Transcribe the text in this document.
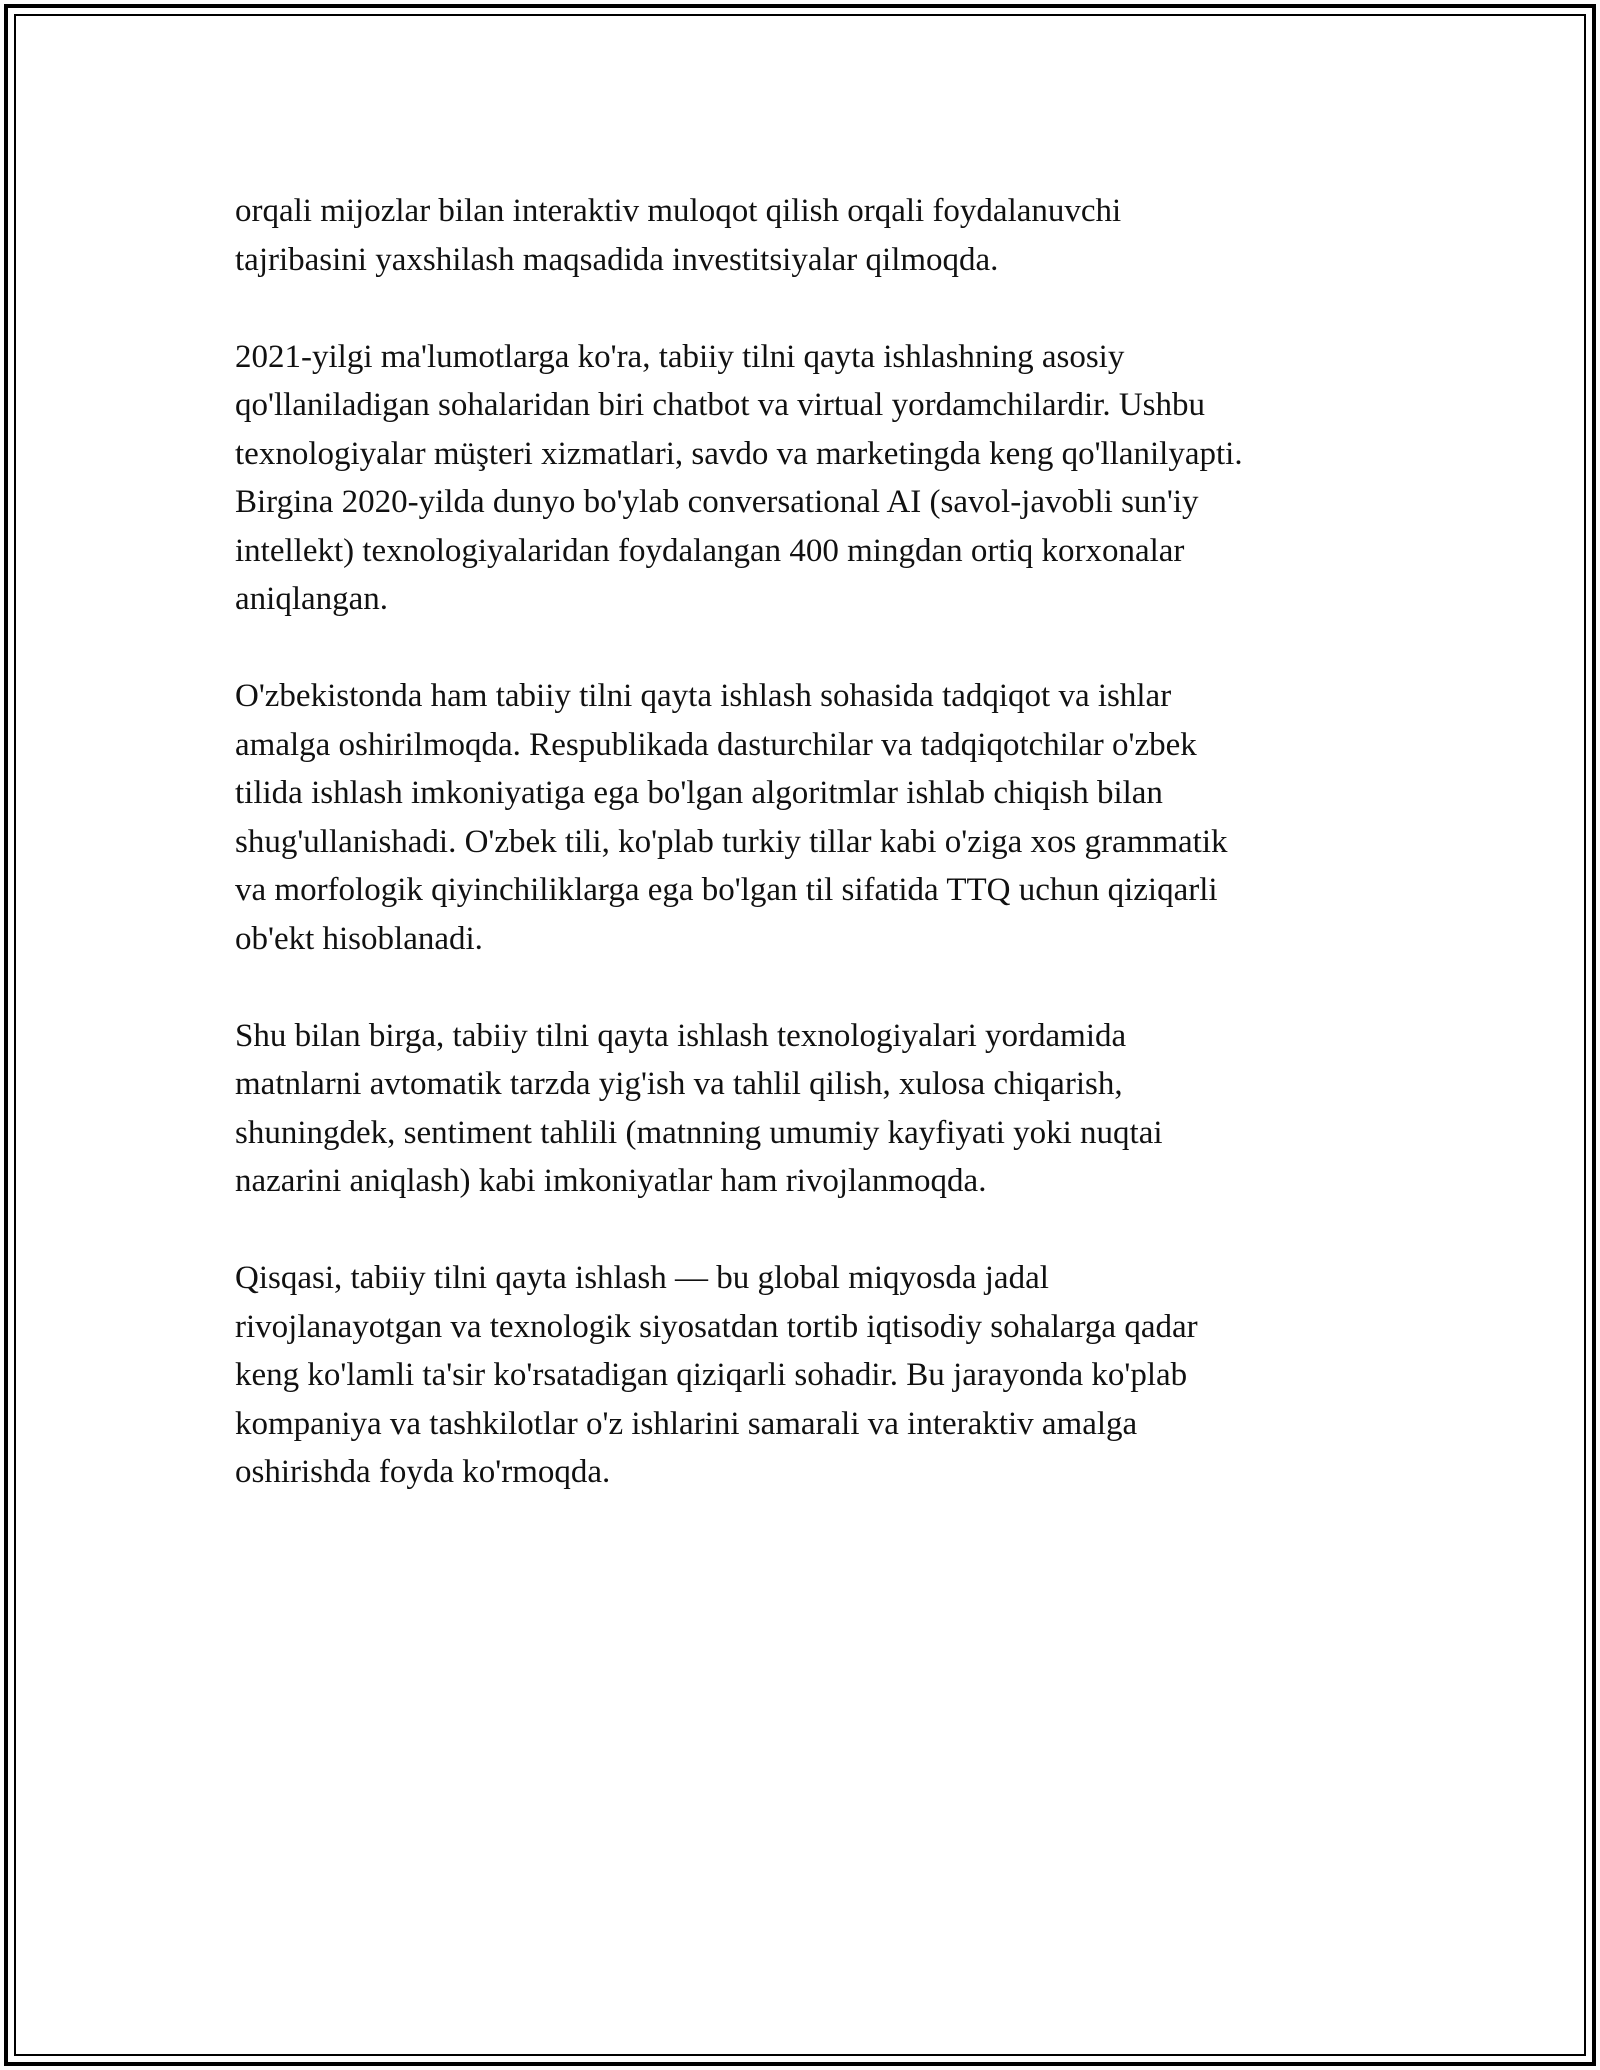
orqali mijozlar bilan interaktiv muloqot qilish orqali foydalanuvchi
tajribasini yaxshilash maqsadida investitsiyalar qilmoqda.

2021-yilgi ma'lumotlarga ko'ra, tabiiy tilni qayta ishlashning asosiy
qo'llaniladigan sohalaridan biri chatbot va virtual yordamchilardir. Ushbu
texnologiyalar müşteri xizmatlari, savdo va marketingda keng qo'llanilyapti.
Birgina 2020-yilda dunyo bo'ylab conversational AI (savol-javobli sun'iy
intellekt) texnologiyalaridan foydalangan 400 mingdan ortiq korxonalar
aniqlangan.

O'zbekistonda ham tabiiy tilni qayta ishlash sohasida tadqiqot va ishlar
amalga oshirilmoqda. Respublikada dasturchilar va tadqiqotchilar o'zbek
tilida ishlash imkoniyatiga ega bo'lgan algoritmlar ishlab chiqish bilan
shug'ullanishadi. O'zbek tili, ko'plab turkiy tillar kabi o'ziga xos grammatik
va morfologik qiyinchiliklarga ega bo'lgan til sifatida TTQ uchun qiziqarli
ob'ekt hisoblanadi.

Shu bilan birga, tabiiy tilni qayta ishlash texnologiyalari yordamida
matnlarni avtomatik tarzda yig'ish va tahlil qilish, xulosa chiqarish,
shuningdek, sentiment tahlili (matnning umumiy kayfiyati yoki nuqtai
nazarini aniqlash) kabi imkoniyatlar ham rivojlanmoqda.

Qisqasi, tabiiy tilni qayta ishlash — bu global miqyosda jadal
rivojlanayotgan va texnologik siyosatdan tortib iqtisodiy sohalarga qadar
keng ko'lamli ta'sir ko'rsatadigan qiziqarli sohadir. Bu jarayonda ko'plab
kompaniya va tashkilotlar o'z ishlarini samarali va interaktiv amalga
oshirishda foyda ko'rmoqda.
